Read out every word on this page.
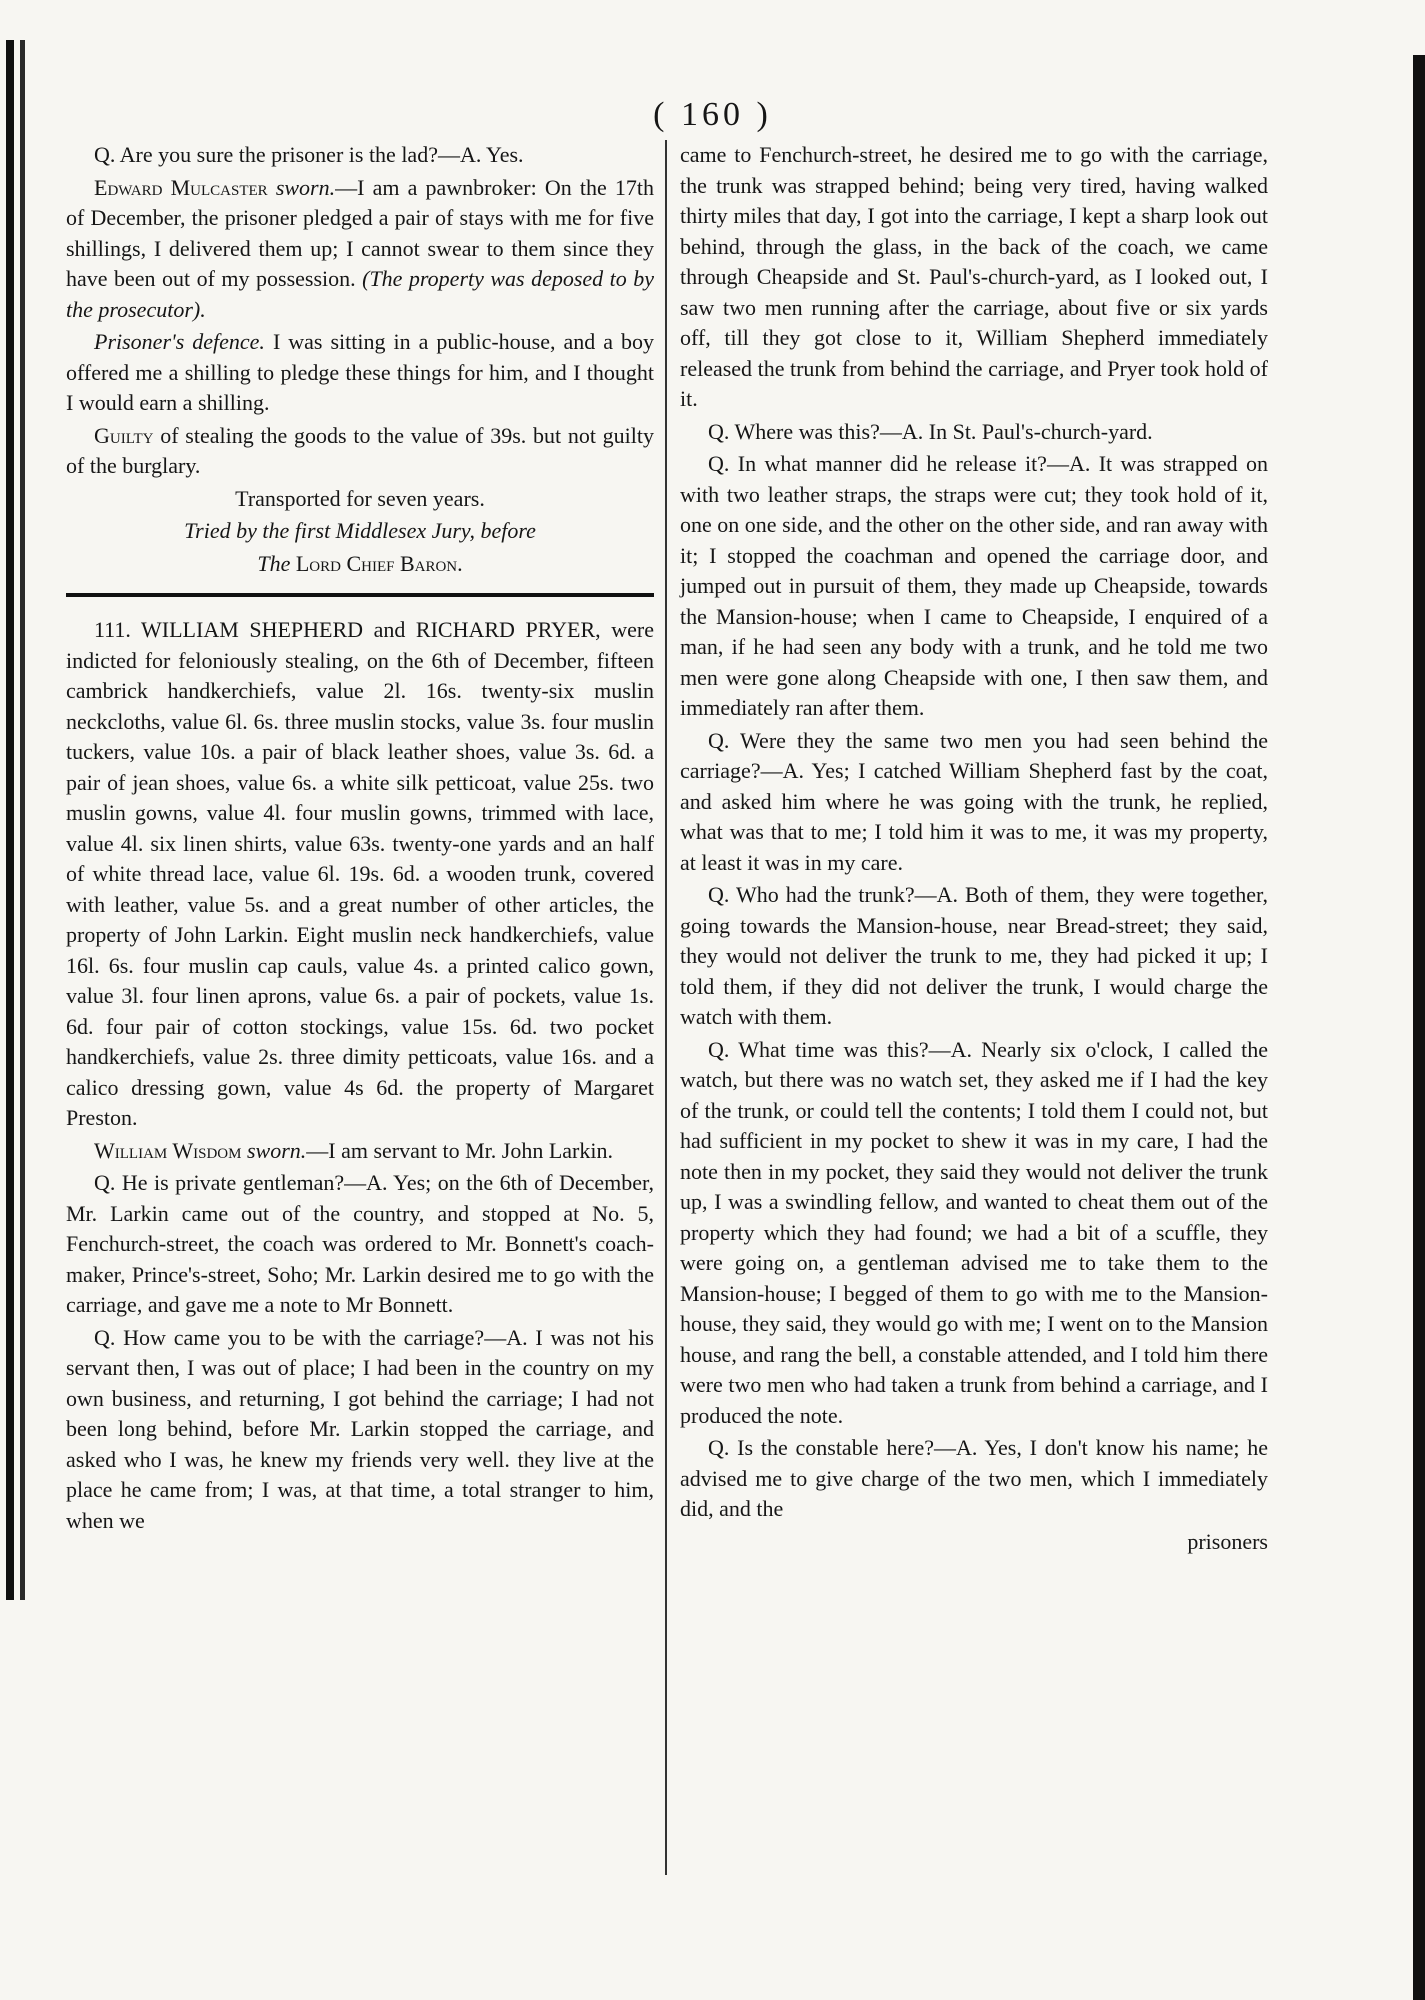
( 160 )

Q. Are you sure the prisoner is the lad?—A. Yes.

Edward Mulcaster sworn.—I am a pawnbroker: On the 17th of December, the prisoner pledged a pair of stays with me for five shillings, I delivered them up; I cannot swear to them since they have been out of my possession. (The property was deposed to by the prosecutor).

Prisoner's defence. I was sitting in a public-house, and a boy offered me a shilling to pledge these things for him, and I thought I would earn a shilling.

Guilty of stealing the goods to the value of 39s. but not guilty of the burglary.

Transported for seven years.

Tried by the first Middlesex Jury, before

The Lord Chief Baron.

111. WILLIAM SHEPHERD and RICHARD PRYER, were indicted for feloniously stealing, on the 6th of December, fifteen cambrick handkerchiefs, value 2l. 16s. twenty-six muslin neckcloths, value 6l. 6s. three muslin stocks, value 3s. four muslin tuckers, value 10s. a pair of black leather shoes, value 3s. 6d. a pair of jean shoes, value 6s. a white silk petticoat, value 25s. two muslin gowns, value 4l. four muslin gowns, trimmed with lace, value 4l. six linen shirts, value 63s. twenty-one yards and an half of white thread lace, value 6l. 19s. 6d. a wooden trunk, covered with leather, value 5s. and a great number of other articles, the property of John Larkin. Eight muslin neck handkerchiefs, value 16l. 6s. four muslin cap cauls, value 4s. a printed calico gown, value 3l. four linen aprons, value 6s. a pair of pockets, value 1s. 6d. four pair of cotton stockings, value 15s. 6d. two pocket handkerchiefs, value 2s. three dimity petticoats, value 16s. and a calico dressing gown, value 4s 6d. the property of Margaret Preston.

William Wisdom sworn.—I am servant to Mr. John Larkin.

Q. He is private gentleman?—A. Yes; on the 6th of December, Mr. Larkin came out of the country, and stopped at No. 5, Fenchurch-street, the coach was ordered to Mr. Bonnett's coach-maker, Prince's-street, Soho; Mr. Larkin desired me to go with the carriage, and gave me a note to Mr Bonnett.

Q. How came you to be with the carriage?—A. I was not his servant then, I was out of place; I had been in the country on my own business, and returning, I got behind the carriage; I had not been long behind, before Mr. Larkin stopped the carriage, and asked who I was, he knew my friends very well. they live at the place he came from; I was, at that time, a total stranger to him, when we

came to Fenchurch-street, he desired me to go with the carriage, the trunk was strapped behind; being very tired, having walked thirty miles that day, I got into the carriage, I kept a sharp look out behind, through the glass, in the back of the coach, we came through Cheapside and St. Paul's-church-yard, as I looked out, I saw two men running after the carriage, about five or six yards off, till they got close to it, William Shepherd immediately released the trunk from behind the carriage, and Pryer took hold of it.

Q. Where was this?—A. In St. Paul's-church-yard.

Q. In what manner did he release it?—A. It was strapped on with two leather straps, the straps were cut; they took hold of it, one on one side, and the other on the other side, and ran away with it; I stopped the coachman and opened the carriage door, and jumped out in pursuit of them, they made up Cheapside, towards the Mansion-house; when I came to Cheapside, I enquired of a man, if he had seen any body with a trunk, and he told me two men were gone along Cheapside with one, I then saw them, and immediately ran after them.

Q. Were they the same two men you had seen behind the carriage?—A. Yes; I catched William Shepherd fast by the coat, and asked him where he was going with the trunk, he replied, what was that to me; I told him it was to me, it was my property, at least it was in my care.

Q. Who had the trunk?—A. Both of them, they were together, going towards the Mansion-house, near Bread-street; they said, they would not deliver the trunk to me, they had picked it up; I told them, if they did not deliver the trunk, I would charge the watch with them.

Q. What time was this?—A. Nearly six o'clock, I called the watch, but there was no watch set, they asked me if I had the key of the trunk, or could tell the contents; I told them I could not, but had sufficient in my pocket to shew it was in my care, I had the note then in my pocket, they said they would not deliver the trunk up, I was a swindling fellow, and wanted to cheat them out of the property which they had found; we had a bit of a scuffle, they were going on, a gentleman advised me to take them to the Mansion-house; I begged of them to go with me to the Mansion-house, they said, they would go with me; I went on to the Mansion house, and rang the bell, a constable attended, and I told him there were two men who had taken a trunk from behind a carriage, and I produced the note.

Q. Is the constable here?—A. Yes, I don't know his name; he advised me to give charge of the two men, which I immediately did, and the

prisoners
